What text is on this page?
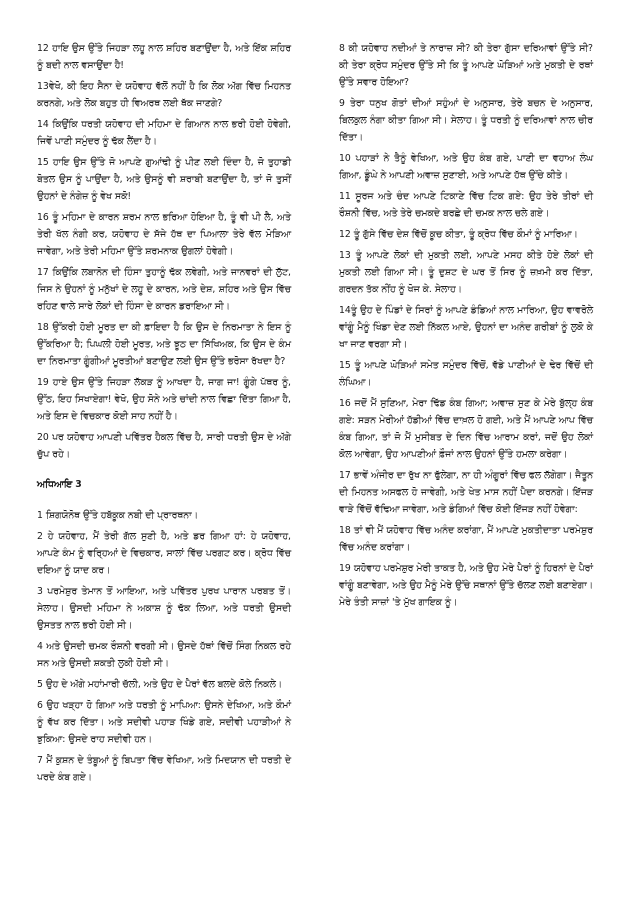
12 ਹਾਇ ਉਸ ਉੱਤੇ ਜਿਹੜਾ ਲਹੂ ਨਾਲ ਸ਼ਹਿਰ ਬਣਾਉਂਦਾ ਹੈ, ਅਤੇ ਇੱਕ ਸ਼ਹਿਰ ਨੂੰ ਬਦੀ ਨਾਲ ਵਸਾਉਂਦਾ ਹੈ!

13ਵੇਖੋ, ਕੀ ਇਹ ਸੈਨਾ ਦੇ ਯਹੋਵਾਹ ਵੱਲੋਂ ਨਹੀਂ ਹੈ ਕਿ ਲੋਕ ਅੱਗ ਵਿੱਚ ਮਿਹਨਤ ਕਰਨਗੇ, ਅਤੇ ਲੋਕ ਬਹੁਤ ਹੀ ਵਿਅਰਥ ਲਈ ਥੱਕ ਜਾਣਗੇ?

14 ਕਿਉਂਕਿ ਧਰਤੀ ਯਹੋਵਾਹ ਦੀ ਮਹਿਮਾ ਦੇ ਗਿਆਨ ਨਾਲ ਭਰੀ ਹੋਈ ਹੋਵੇਗੀ, ਜਿਵੇਂ ਪਾਣੀ ਸਮੁੰਦਰ ਨੂੰ ਢੱਕ ਲੈਂਦਾ ਹੈ।

15 ਹਾਇ ਉਸ ਉੱਤੇ ਜੋ ਆਪਣੇ ਗੁਆਂਢੀ ਨੂੰ ਪੀਣ ਲਈ ਦਿੰਦਾ ਹੈ, ਜੋ ਤੁਹਾਡੀ ਬੋਤਲ ਉਸ ਨੂੰ ਪਾਉਂਦਾ ਹੈ, ਅਤੇ ਉਸਨੂੰ ਵੀ ਸ਼ਰਾਬੀ ਬਣਾਉਂਦਾ ਹੈ, ਤਾਂ ਜੋ ਤੁਸੀਂ ਉਹਨਾਂ ਦੇ ਨੰਗੇਜ਼ ਨੂੰ ਵੇਖ ਸਕੋ!

16 ਤੂੰ ਮਹਿਮਾ ਦੇ ਕਾਰਨ ਸ਼ਰਮ ਨਾਲ ਭਰਿਆ ਹੋਇਆ ਹੈ, ਤੂੰ ਵੀ ਪੀ ਲੈ, ਅਤੇ ਤੇਰੀ ਖੱਲ ਨੰਗੀ ਕਰ, ਯਹੋਵਾਹ ਦੇ ਸੱਜੇ ਹੱਥ ਦਾ ਪਿਆਲਾ ਤੇਰੇ ਵੱਲ ਮੋੜਿਆ ਜਾਵੇਗਾ, ਅਤੇ ਤੇਰੀ ਮਹਿਮਾ ਉੱਤੇ ਸ਼ਰਮਨਾਕ ਉਗਲਾਂ ਹੋਵੇਗੀ।

17 ਕਿਉਂਕਿ ਲਬਾਨੋਨ ਦੀ ਹਿੰਸਾ ਤੁਹਾਨੂੰ ਢੱਕ ਲਵੇਗੀ, ਅਤੇ ਜਾਨਵਰਾਂ ਦੀ ਲੁੱਟ, ਜਿਸ ਨੇ ਉਹਨਾਂ ਨੂੰ ਮਨੁੱਖਾਂ ਦੇ ਲਹੂ ਦੇ ਕਾਰਨ, ਅਤੇ ਦੇਸ਼, ਸ਼ਹਿਰ ਅਤੇ ਉਸ ਵਿੱਚ ਰਹਿਣ ਵਾਲੇ ਸਾਰੇ ਲੋਕਾਂ ਦੀ ਹਿੰਸਾ ਦੇ ਕਾਰਨ ਡਰਾਇਆ ਸੀ।

18 ਉੱਕਰੀ ਹੋਈ ਮੂਰਤ ਦਾ ਕੀ ਫ਼ਾਇਦਾ ਹੈ ਕਿ ਉਸ ਦੇ ਨਿਰਮਾਤਾ ਨੇ ਇਸ ਨੂੰ ਉੱਕਰਿਆ ਹੈ; ਪਿਘਲੀ ਹੋਈ ਮੂਰਤ, ਅਤੇ ਝੂਠ ਦਾ ਸਿੱਖਿਅਕ, ਕਿ ਉਸ ਦੇ ਕੰਮ ਦਾ ਨਿਰਮਾਤਾ ਗੂੰਗੀਆਂ ਮੂਰਤੀਆਂ ਬਣਾਉਣ ਲਈ ਉਸ ਉੱਤੇ ਭਰੋਸਾ ਰੱਖਦਾ ਹੈ?

19 ਹਾਏ ਉਸ ਉੱਤੇ ਜਿਹੜਾ ਲੱਕੜ ਨੂੰ ਆਖਦਾ ਹੈ, ਜਾਗ ਜਾ! ਗੂੰਗੇ ਪੱਥਰ ਨੂੰ, ਉੱਠ, ਇਹ ਸਿਖਾਏਗਾ! ਵੇਖੋ, ਉਹ ਸੋਨੇ ਅਤੇ ਚਾਂਦੀ ਨਾਲ ਵਿਛਾ ਦਿੱਤਾ ਗਿਆ ਹੈ, ਅਤੇ ਇਸ ਦੇ ਵਿਚਕਾਰ ਕੋਈ ਸਾਹ ਨਹੀਂ ਹੈ।

20 ਪਰ ਯਹੋਵਾਹ ਆਪਣੀ ਪਵਿੱਤਰ ਹੈਕਲ ਵਿੱਚ ਹੈ, ਸਾਰੀ ਧਰਤੀ ਉਸ ਦੇ ਅੱਗੇ ਚੁੱਪ ਰਹੇ।

ਅਧਿਆਇ 3

1 ਸ਼ਿਗਯੋਨੋਥ ਉੱਤੇ ਹਬੱਕੂਕ ਨਬੀ ਦੀ ਪ੍ਰਾਰਥਨਾ।

2 ਹੇ ਯਹੋਵਾਹ, ਮੈਂ ਤੇਰੀ ਗੱਲ ਸੁਣੀ ਹੈ, ਅਤੇ ਡਰ ਗਿਆ ਹਾਂ: ਹੇ ਯਹੋਵਾਹ, ਆਪਣੇ ਕੰਮ ਨੂੰ ਵਰ੍ਹਿਆਂ ਦੇ ਵਿਚਕਾਰ, ਸਾਲਾਂ ਵਿੱਚ ਪਰਗਟ ਕਰ। ਕ੍ਰੋਧ ਵਿੱਚ ਦਇਆ ਨੂੰ ਯਾਦ ਕਰ।

3 ਪਰਮੇਸ਼ੁਰ ਤੇਮਾਨ ਤੋਂ ਆਇਆ, ਅਤੇ ਪਵਿੱਤਰ ਪੁਰਖ ਪਾਰਾਨ ਪਰਬਤ ਤੋਂ। ਸੇਲਾਹ। ਉਸਦੀ ਮਹਿਮਾ ਨੇ ਅਕਾਸ਼ ਨੂੰ ਢੱਕ ਲਿਆ, ਅਤੇ ਧਰਤੀ ਉਸਦੀ ਉਸਤਤ ਨਾਲ ਭਰੀ ਹੋਈ ਸੀ।

4 ਅਤੇ ਉਸਦੀ ਚਮਕ ਰੌਸ਼ਨੀ ਵਰਗੀ ਸੀ। ਉਸਦੇ ਹੱਥਾਂ ਵਿੱਚੋਂ ਸਿੰਗ ਨਿਕਲ ਰਹੇ ਸਨ ਅਤੇ ਉਸਦੀ ਸ਼ਕਤੀ ਲੁਕੀ ਹੋਈ ਸੀ।

5 ਉਹ ਦੇ ਅੱਗੇ ਮਹਾਂਮਾਰੀ ਚੱਲੀ, ਅਤੇ ਉਹ ਦੇ ਪੈਰਾਂ ਵੱਲ ਬਲਦੇ ਕੋਲੇ ਨਿਕਲੇ।

6 ਉਹ ਖੜ੍ਹਾ ਹੋ ਗਿਆ ਅਤੇ ਧਰਤੀ ਨੂੰ ਮਾਪਿਆ: ਉਸਨੇ ਦੇਖਿਆ, ਅਤੇ ਕੌਮਾਂ ਨੂੰ ਵੱਖ ਕਰ ਦਿੱਤਾ। ਅਤੇ ਸਦੀਵੀ ਪਹਾੜ ਖਿੰਡੇ ਗਏ, ਸਦੀਵੀ ਪਹਾੜੀਆਂ ਨੇ ਝੁਕਿਆ: ਉਸਦੇ ਰਾਹ ਸਦੀਵੀ ਹਨ।

7 ਮੈਂ ਕੁਸ਼ਨ ਦੇ ਤੰਬੂਆਂ ਨੂੰ ਬਿਪਤਾ ਵਿੱਚ ਵੇਖਿਆ, ਅਤੇ ਮਿਦਯਾਨ ਦੀ ਧਰਤੀ ਦੇ ਪਰਦੇ ਕੰਬ ਗਏ।

8 ਕੀ ਯਹੋਵਾਹ ਨਦੀਆਂ ਤੇ ਨਾਰਾਜ਼ ਸੀ? ਕੀ ਤੇਰਾ ਗੁੱਸਾ ਦਰਿਆਵਾਂ ਉੱਤੇ ਸੀ? ਕੀ ਤੇਰਾ ਕ੍ਰੋਧ ਸਮੁੰਦਰ ਉੱਤੇ ਸੀ ਕਿ ਤੂੰ ਆਪਣੇ ਘੋੜਿਆਂ ਅਤੇ ਮੁਕਤੀ ਦੇ ਰਥਾਂ ਉੱਤੇ ਸਵਾਰ ਹੋਇਆ?

9 ਤੇਰਾ ਧਨੁਖ ਗੋਤਾਂ ਦੀਆਂ ਸਹੁੰਆਂ ਦੇ ਅਨੁਸਾਰ, ਤੇਰੇ ਬਚਨ ਦੇ ਅਨੁਸਾਰ, ਬਿਲਕੁਲ ਨੰਗਾ ਕੀਤਾ ਗਿਆ ਸੀ। ਸੇਲਾਹ। ਤੂੰ ਧਰਤੀ ਨੂੰ ਦਰਿਆਵਾਂ ਨਾਲ ਚੀਰ ਦਿੱਤਾ।

10 ਪਹਾੜਾਂ ਨੇ ਤੈਨੂੰ ਵੇਖਿਆ, ਅਤੇ ਉਹ ਕੰਬ ਗਏ, ਪਾਣੀ ਦਾ ਵਹਾਅ ਲੰਘ ਗਿਆ, ਡੂੰਘੇ ਨੇ ਆਪਣੀ ਅਵਾਜ਼ ਸੁਣਾਈ, ਅਤੇ ਆਪਣੇ ਹੱਥ ਉੱਚੇ ਕੀਤੇ।

11 ਸੂਰਜ ਅਤੇ ਚੰਦ ਆਪਣੇ ਟਿਕਾਣੇ ਵਿੱਚ ਟਿਕ ਗਏ: ਉਹ ਤੇਰੇ ਤੀਰਾਂ ਦੀ ਰੌਸ਼ਨੀ ਵਿੱਚ, ਅਤੇ ਤੇਰੇ ਚਮਕਦੇ ਬਰਛੇ ਦੀ ਚਮਕ ਨਾਲ ਚਲੇ ਗਏ।

12 ਤੂੰ ਗੁੱਸੇ ਵਿੱਚ ਦੇਸ਼ ਵਿੱਚੋਂ ਕੂਚ ਕੀਤਾ, ਤੂੰ ਕ੍ਰੋਧ ਵਿੱਚ ਕੌਮਾਂ ਨੂੰ ਮਾਰਿਆ।

13 ਤੂੰ ਆਪਣੇ ਲੋਕਾਂ ਦੀ ਮੁਕਤੀ ਲਈ, ਆਪਣੇ ਮਸਹ ਕੀਤੇ ਹੋਏ ਲੋਕਾਂ ਦੀ ਮੁਕਤੀ ਲਈ ਗਿਆ ਸੀ। ਤੂੰ ਦੁਸ਼ਟ ਦੇ ਘਰ ਤੋਂ ਸਿਰ ਨੂੰ ਜ਼ਖ਼ਮੀ ਕਰ ਦਿੱਤਾ, ਗਰਦਨ ਤੱਕ ਨੀਂਹ ਨੂੰ ਖੋਜ ਕੇ. ਸੇਲਾਹ।

14ਤੂੰ ਉਹ ਦੇ ਪਿੰਡਾਂ ਦੇ ਸਿਰਾਂ ਨੂੰ ਆਪਣੇ ਡੰਡਿਆਂ ਨਾਲ ਮਾਰਿਆ, ਉਹ ਵਾਵਰੋਲੇ ਵਾਂਗੂੰ ਮੈਨੂੰ ਖਿੰਡਾ ਦੇਣ ਲਈ ਨਿੱਕਲ ਆਏ, ਉਹਨਾਂ ਦਾ ਅਨੰਦ ਗਰੀਬਾਂ ਨੂੰ ਲੁਕੋ ਕੇ ਖਾ ਜਾਣ ਵਰਗਾ ਸੀ।

15 ਤੂੰ ਆਪਣੇ ਘੋੜਿਆਂ ਸਮੇਤ ਸਮੁੰਦਰ ਵਿੱਚੋਂ, ਵੱਡੇ ਪਾਣੀਆਂ ਦੇ ਢੇਰ ਵਿੱਚੋਂ ਦੀ ਲੰਘਿਆ।

16 ਜਦੋਂ ਮੈਂ ਸੁਣਿਆ, ਮੇਰਾ ਢਿੱਡ ਕੰਬ ਗਿਆ; ਅਵਾਜ਼ ਸੁਣ ਕੇ ਮੇਰੇ ਬੁੱਲ੍ਹ ਕੰਬ ਗਏ: ਸੜਨ ਮੇਰੀਆਂ ਹੱਡੀਆਂ ਵਿੱਚ ਦਾਖ਼ਲ ਹੋ ਗਈ, ਅਤੇ ਮੈਂ ਆਪਣੇ ਆਪ ਵਿੱਚ ਕੰਬ ਗਿਆ, ਤਾਂ ਜੋ ਮੈਂ ਮੁਸੀਬਤ ਦੇ ਦਿਨ ਵਿੱਚ ਆਰਾਮ ਕਰਾਂ, ਜਦੋਂ ਉਹ ਲੋਕਾਂ ਕੋਲ ਆਵੇਗਾ, ਉਹ ਆਪਣੀਆਂ ਫ਼ੌਜਾਂ ਨਾਲ ਉਹਨਾਂ ਉੱਤੇ ਹਮਲਾ ਕਰੇਗਾ।

17 ਭਾਵੇਂ ਅੰਜੀਰ ਦਾ ਰੁੱਖ ਨਾ ਫੁੱਲੇਗਾ, ਨਾ ਹੀ ਅੰਗੂਰਾਂ ਵਿੱਚ ਫਲ ਲੱਗੇਗਾ। ਜੈਤੂਨ ਦੀ ਮਿਹਨਤ ਅਸਫਲ ਹੋ ਜਾਵੇਗੀ, ਅਤੇ ਖੇਤ ਮਾਸ ਨਹੀਂ ਪੈਦਾ ਕਰਨਗੇ। ਇੱਜੜ ਵਾੜੇ ਵਿੱਚੋਂ ਵੱਢਿਆ ਜਾਵੇਗਾ, ਅਤੇ ਡੰਗਿਆਂ ਵਿੱਚ ਕੋਈ ਇੱਜੜ ਨਹੀਂ ਹੋਵੇਗਾ:

18 ਤਾਂ ਵੀ ਮੈਂ ਯਹੋਵਾਹ ਵਿੱਚ ਅਨੰਦ ਕਰਾਂਗਾ, ਮੈਂ ਆਪਣੇ ਮੁਕਤੀਦਾਤਾ ਪਰਮੇਸ਼ੁਰ ਵਿੱਚ ਅਨੰਦ ਕਰਾਂਗਾ।

19 ਯਹੋਵਾਹ ਪਰਮੇਸ਼ੁਰ ਮੇਰੀ ਤਾਕਤ ਹੈ, ਅਤੇ ਉਹ ਮੇਰੇ ਪੈਰਾਂ ਨੂੰ ਹਿਰਨਾਂ ਦੇ ਪੈਰਾਂ ਵਾਂਗੂੰ ਬਣਾਵੇਗਾ, ਅਤੇ ਉਹ ਮੈਨੂੰ ਮੇਰੇ ਉੱਚੇ ਸਥਾਨਾਂ ਉੱਤੇ ਚੱਲਣ ਲਈ ਬਣਾਏਗਾ। ਮੇਰੇ ਤੰਤੀ ਸਾਜ਼ਾਂ 'ਤੇ ਮੁੱਖ ਗਾਇਕ ਨੂੰ।
